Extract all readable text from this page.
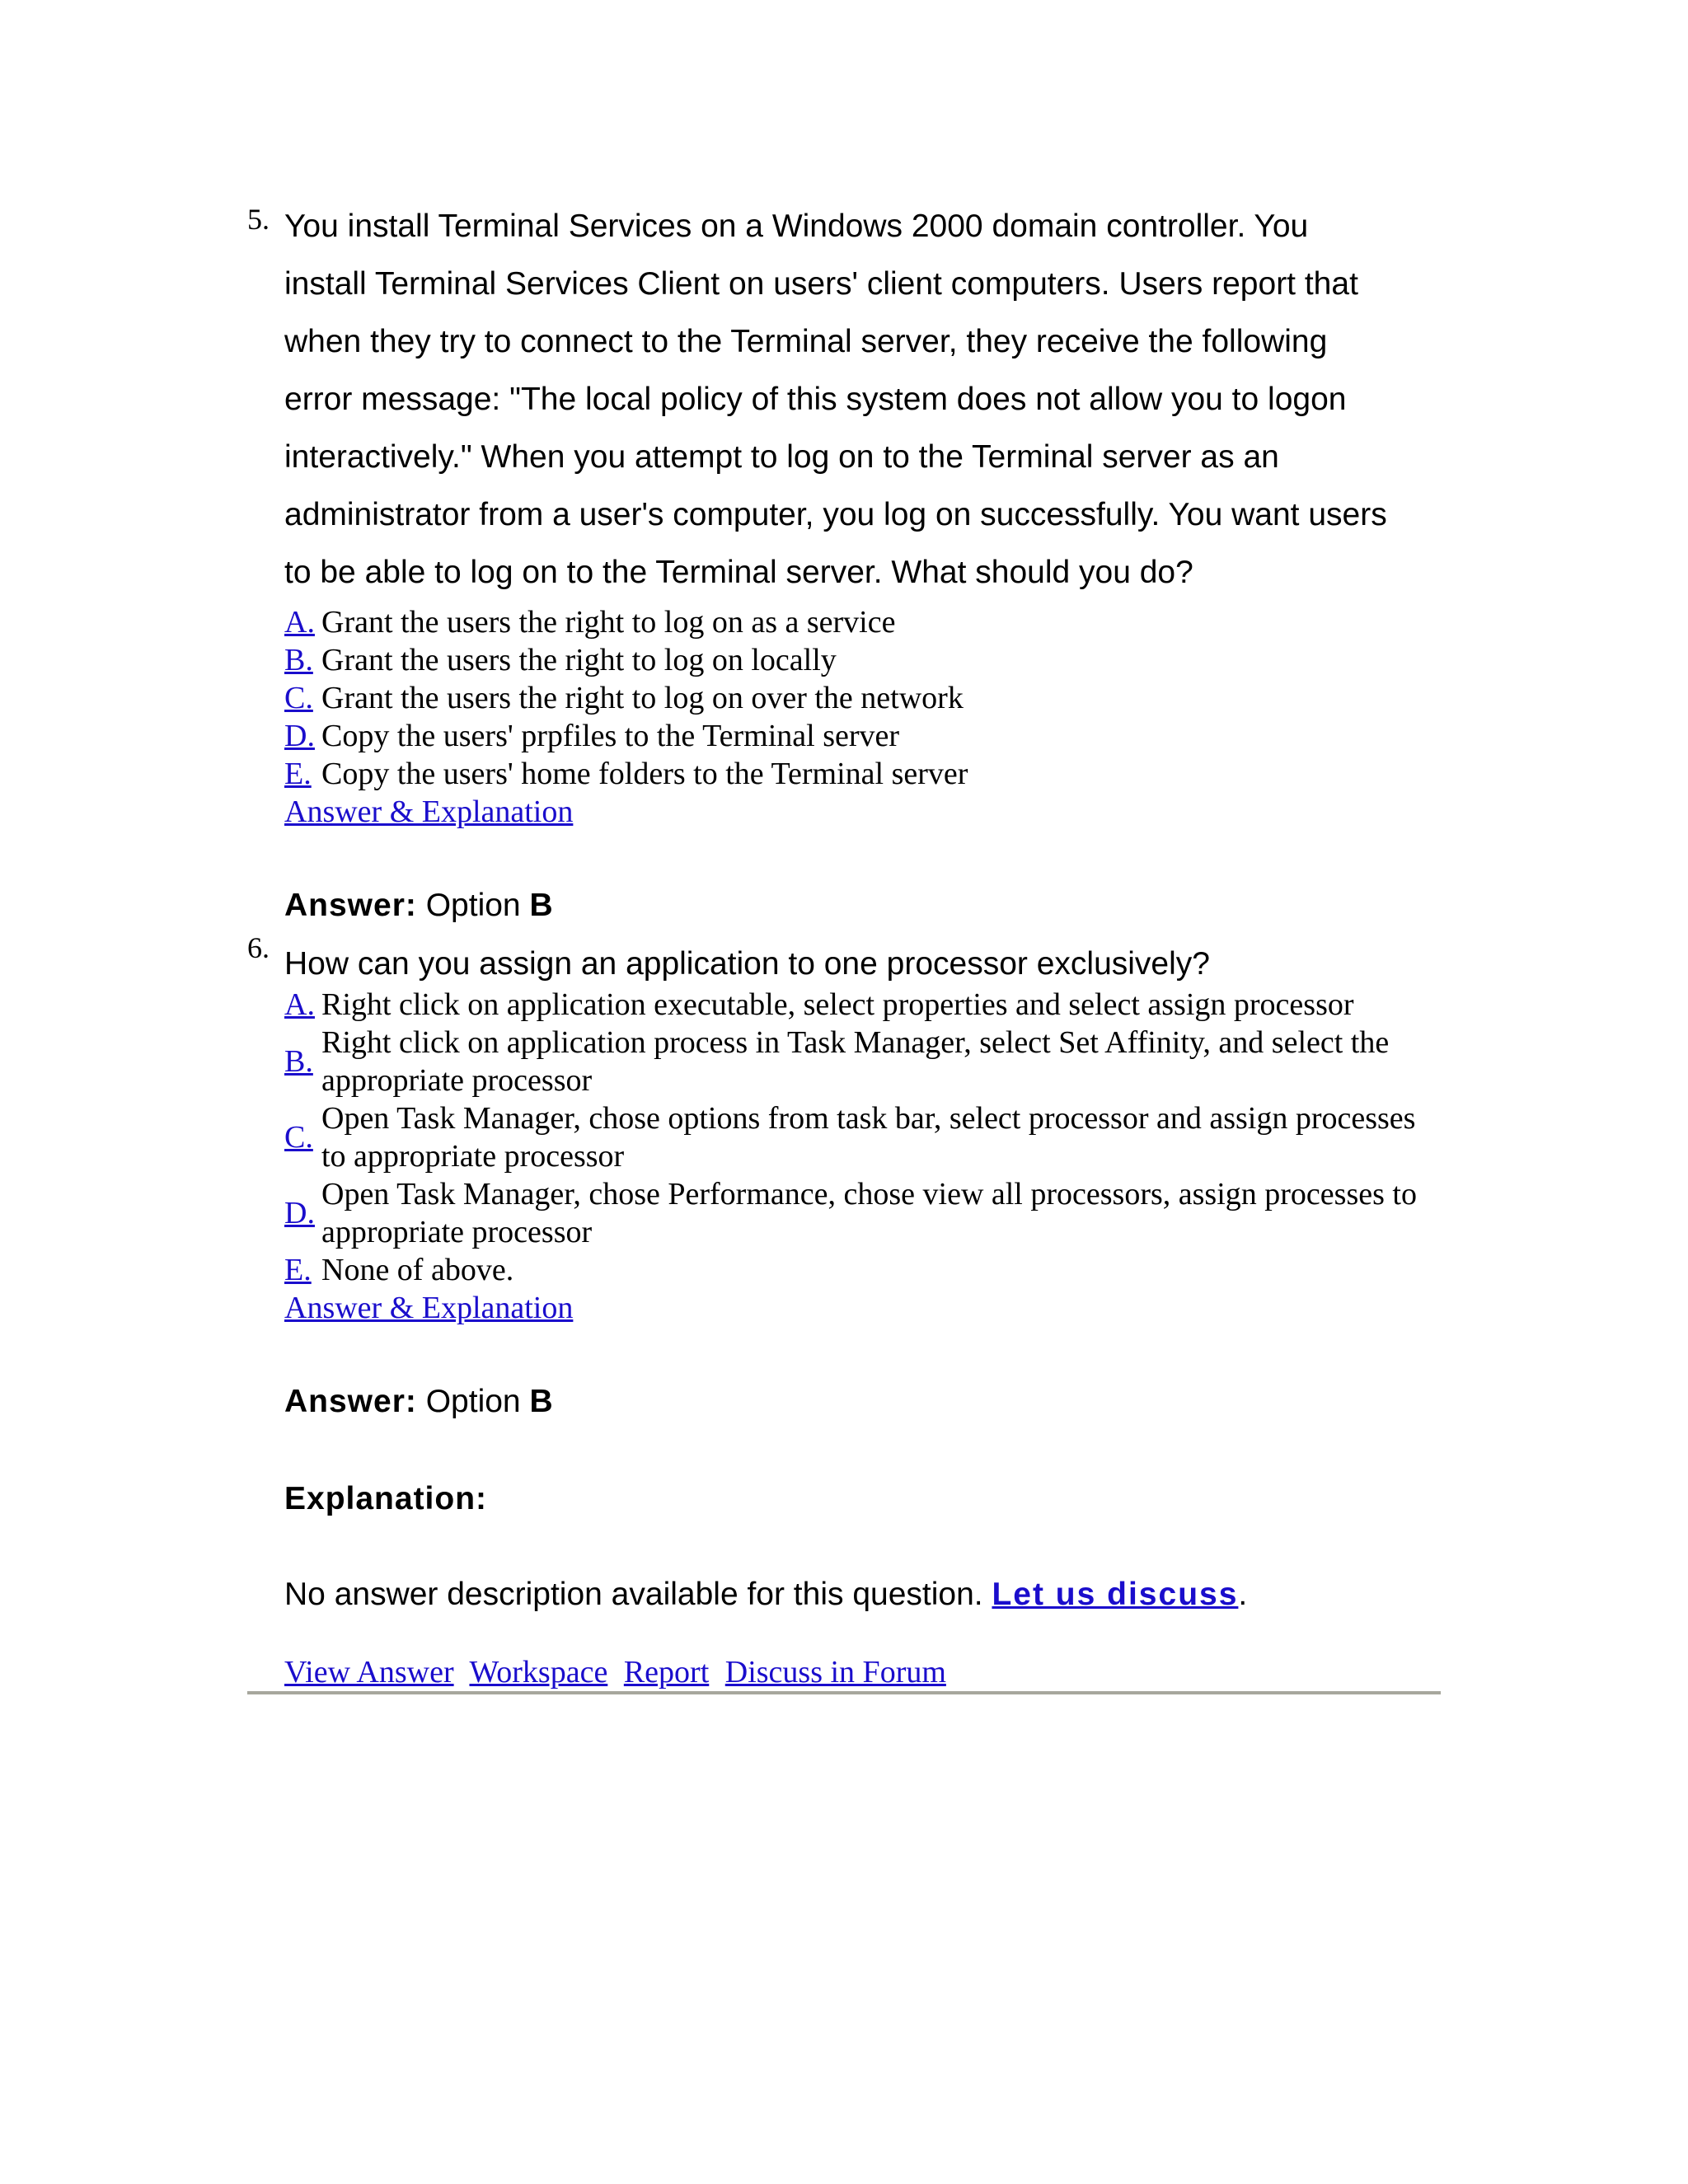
5. You install Terminal Services on a Windows 2000 domain controller. You
install Terminal Services Client on users' client computers. Users report that
when they try to connect to the Terminal server, they receive the following
error message: "The local policy of this system does not allow you to logon
interactively." When you attempt to log on to the Terminal server as an
administrator from a user's computer, you log on successfully. You want users
to be able to log on to the Terminal server. What should you do?
A. Grant the users the right to log on as a service
B. Grant the users the right to log on locally
C. Grant the users the right to log on over the network
D. Copy the users' prpfiles to the Terminal server
E. Copy the users' home folders to the Terminal server
Answer & Explanation
Answer: Option B
6. How can you assign an application to one processor exclusively?
A. Right click on application executable, select properties and select assign processor
B.
Right click on application process in Task Manager, select Set Affinity, and select the appropriate processor
C.
Open Task Manager, chose options from task bar, select processor and assign processes to appropriate processor
D.
Open Task Manager, chose Performance, chose view all processors, assign processes to appropriate processor
E. None of above.
Answer & Explanation
Answer: Option B
Explanation:
No answer description available for this question. Let us discuss.
View Answer Workspace Report Discuss in Forum
